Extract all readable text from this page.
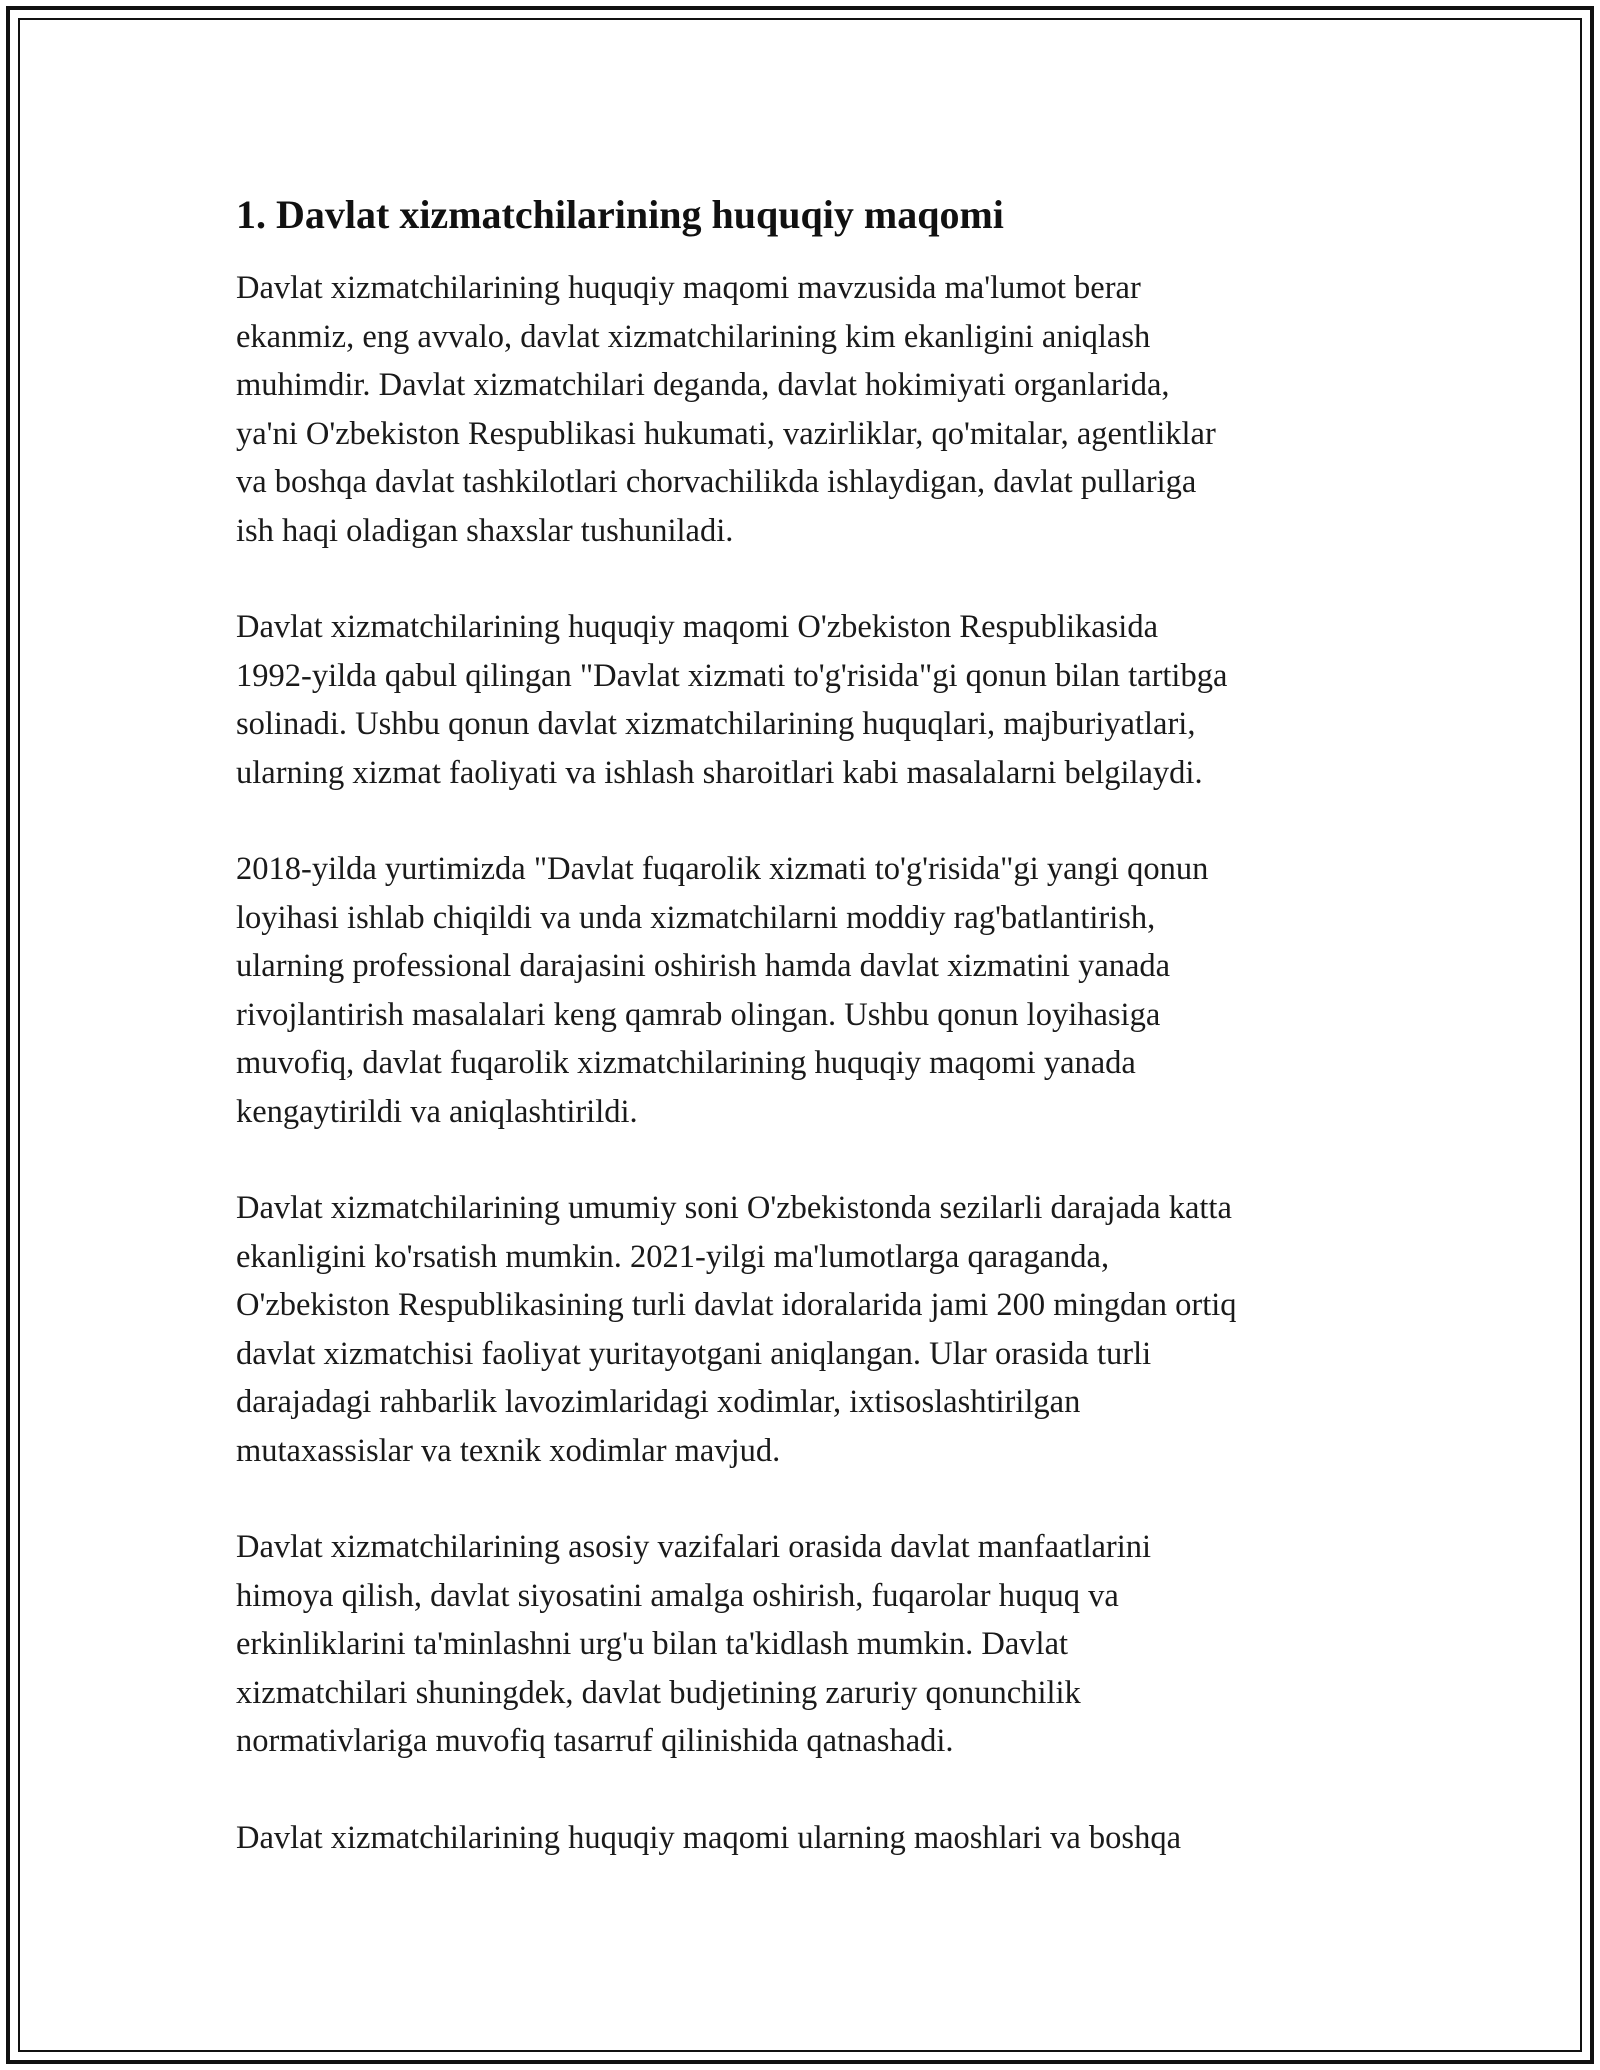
1. Davlat xizmatchilarining huquqiy maqomi

Davlat xizmatchilarining huquqiy maqomi mavzusida ma'lumot berar
ekanmiz, eng avvalo, davlat xizmatchilarining kim ekanligini aniqlash
muhimdir. Davlat xizmatchilari deganda, davlat hokimiyati organlarida,
ya'ni O'zbekiston Respublikasi hukumati, vazirliklar, qo'mitalar, agentliklar
va boshqa davlat tashkilotlari chorvachilikda ishlaydigan, davlat pullariga
ish haqi oladigan shaxslar tushuniladi.

Davlat xizmatchilarining huquqiy maqomi O'zbekiston Respublikasida
1992-yilda qabul qilingan "Davlat xizmati to'g'risida"gi qonun bilan tartibga
solinadi. Ushbu qonun davlat xizmatchilarining huquqlari, majburiyatlari,
ularning xizmat faoliyati va ishlash sharoitlari kabi masalalarni belgilaydi.

2018-yilda yurtimizda "Davlat fuqarolik xizmati to'g'risida"gi yangi qonun
loyihasi ishlab chiqildi va unda xizmatchilarni moddiy rag'batlantirish,
ularning professional darajasini oshirish hamda davlat xizmatini yanada
rivojlantirish masalalari keng qamrab olingan. Ushbu qonun loyihasiga
muvofiq, davlat fuqarolik xizmatchilarining huquqiy maqomi yanada
kengaytirildi va aniqlashtirildi.

Davlat xizmatchilarining umumiy soni O'zbekistonda sezilarli darajada katta
ekanligini ko'rsatish mumkin. 2021-yilgi ma'lumotlarga qaraganda,
O'zbekiston Respublikasining turli davlat idoralarida jami 200 mingdan ortiq
davlat xizmatchisi faoliyat yuritayotgani aniqlangan. Ular orasida turli
darajadagi rahbarlik lavozimlaridagi xodimlar, ixtisoslashtirilgan
mutaxassislar va texnik xodimlar mavjud.

Davlat xizmatchilarining asosiy vazifalari orasida davlat manfaatlarini
himoya qilish, davlat siyosatini amalga oshirish, fuqarolar huquq va
erkinliklarini ta'minlashni urg'u bilan ta'kidlash mumkin. Davlat
xizmatchilari shuningdek, davlat budjetining zaruriy qonunchilik
normativlariga muvofiq tasarruf qilinishida qatnashadi.

Davlat xizmatchilarining huquqiy maqomi ularning maoshlari va boshqa
